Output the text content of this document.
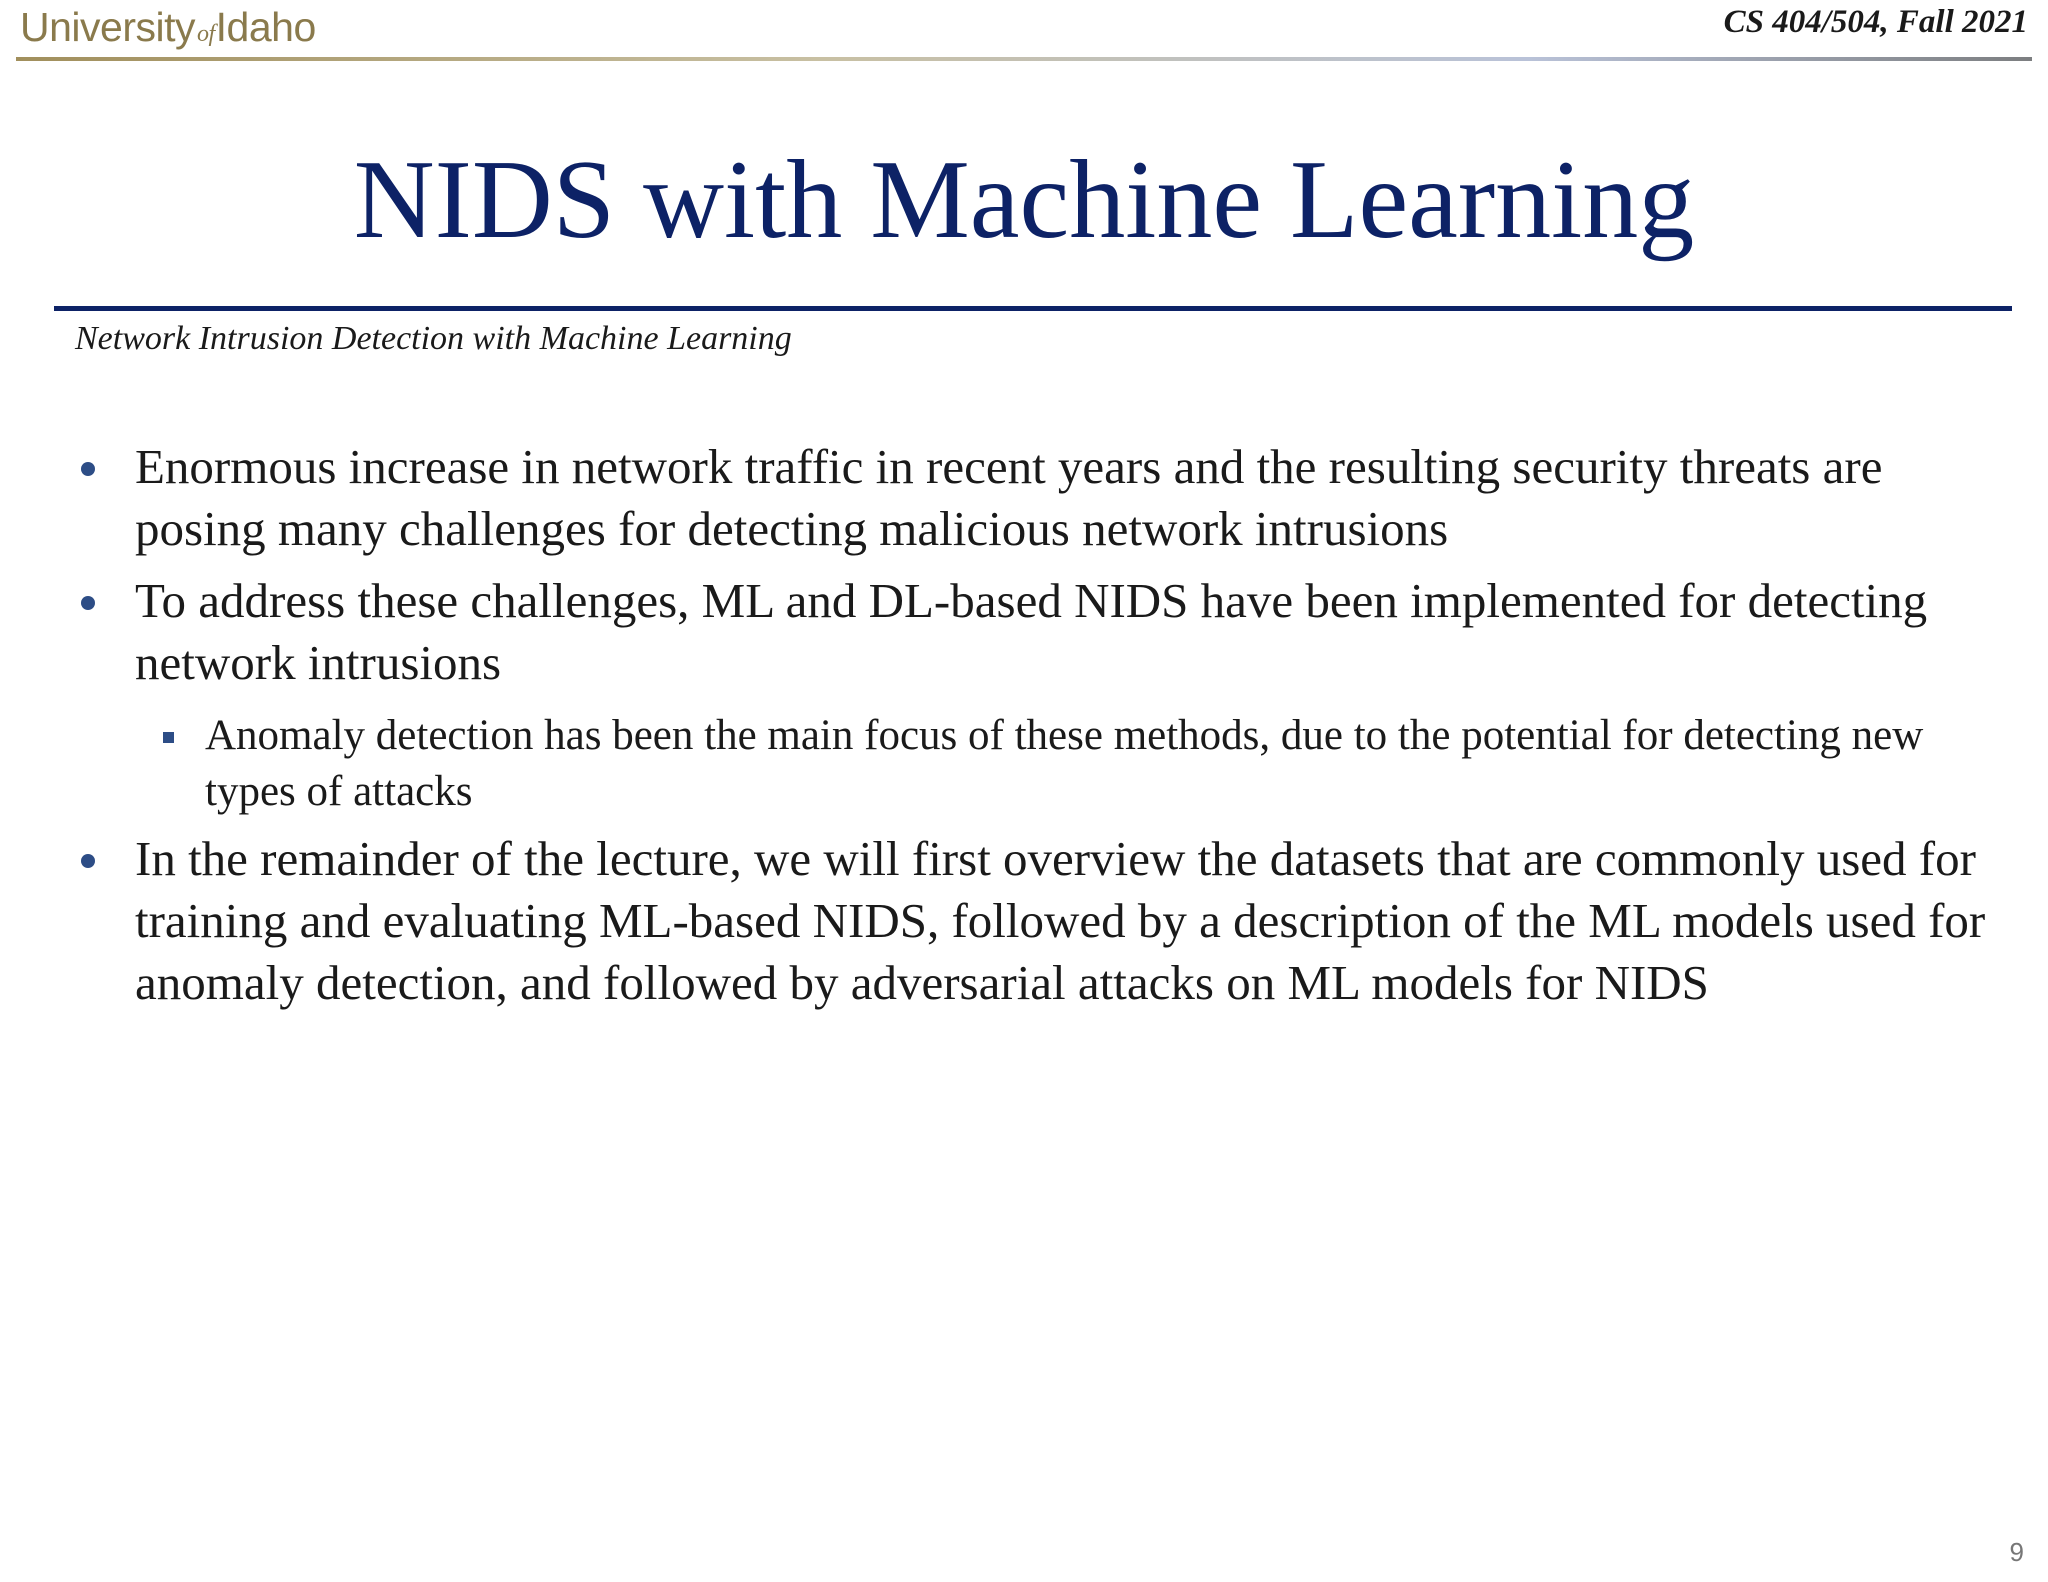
University of Idaho	CS 404/504, Fall 2021
NIDS with Machine Learning
Network Intrusion Detection with Machine Learning
Enormous increase in network traffic in recent years and the resulting security threats are posing many challenges for detecting malicious network intrusions
To address these challenges, ML and DL-based NIDS have been implemented for detecting network intrusions
Anomaly detection has been the main focus of these methods, due to the potential for detecting new types of attacks
In the remainder of the lecture, we will first overview the datasets that are commonly used for training and evaluating ML-based NIDS, followed by a description of the ML models used for anomaly detection, and followed by adversarial attacks on ML models for NIDS
9
